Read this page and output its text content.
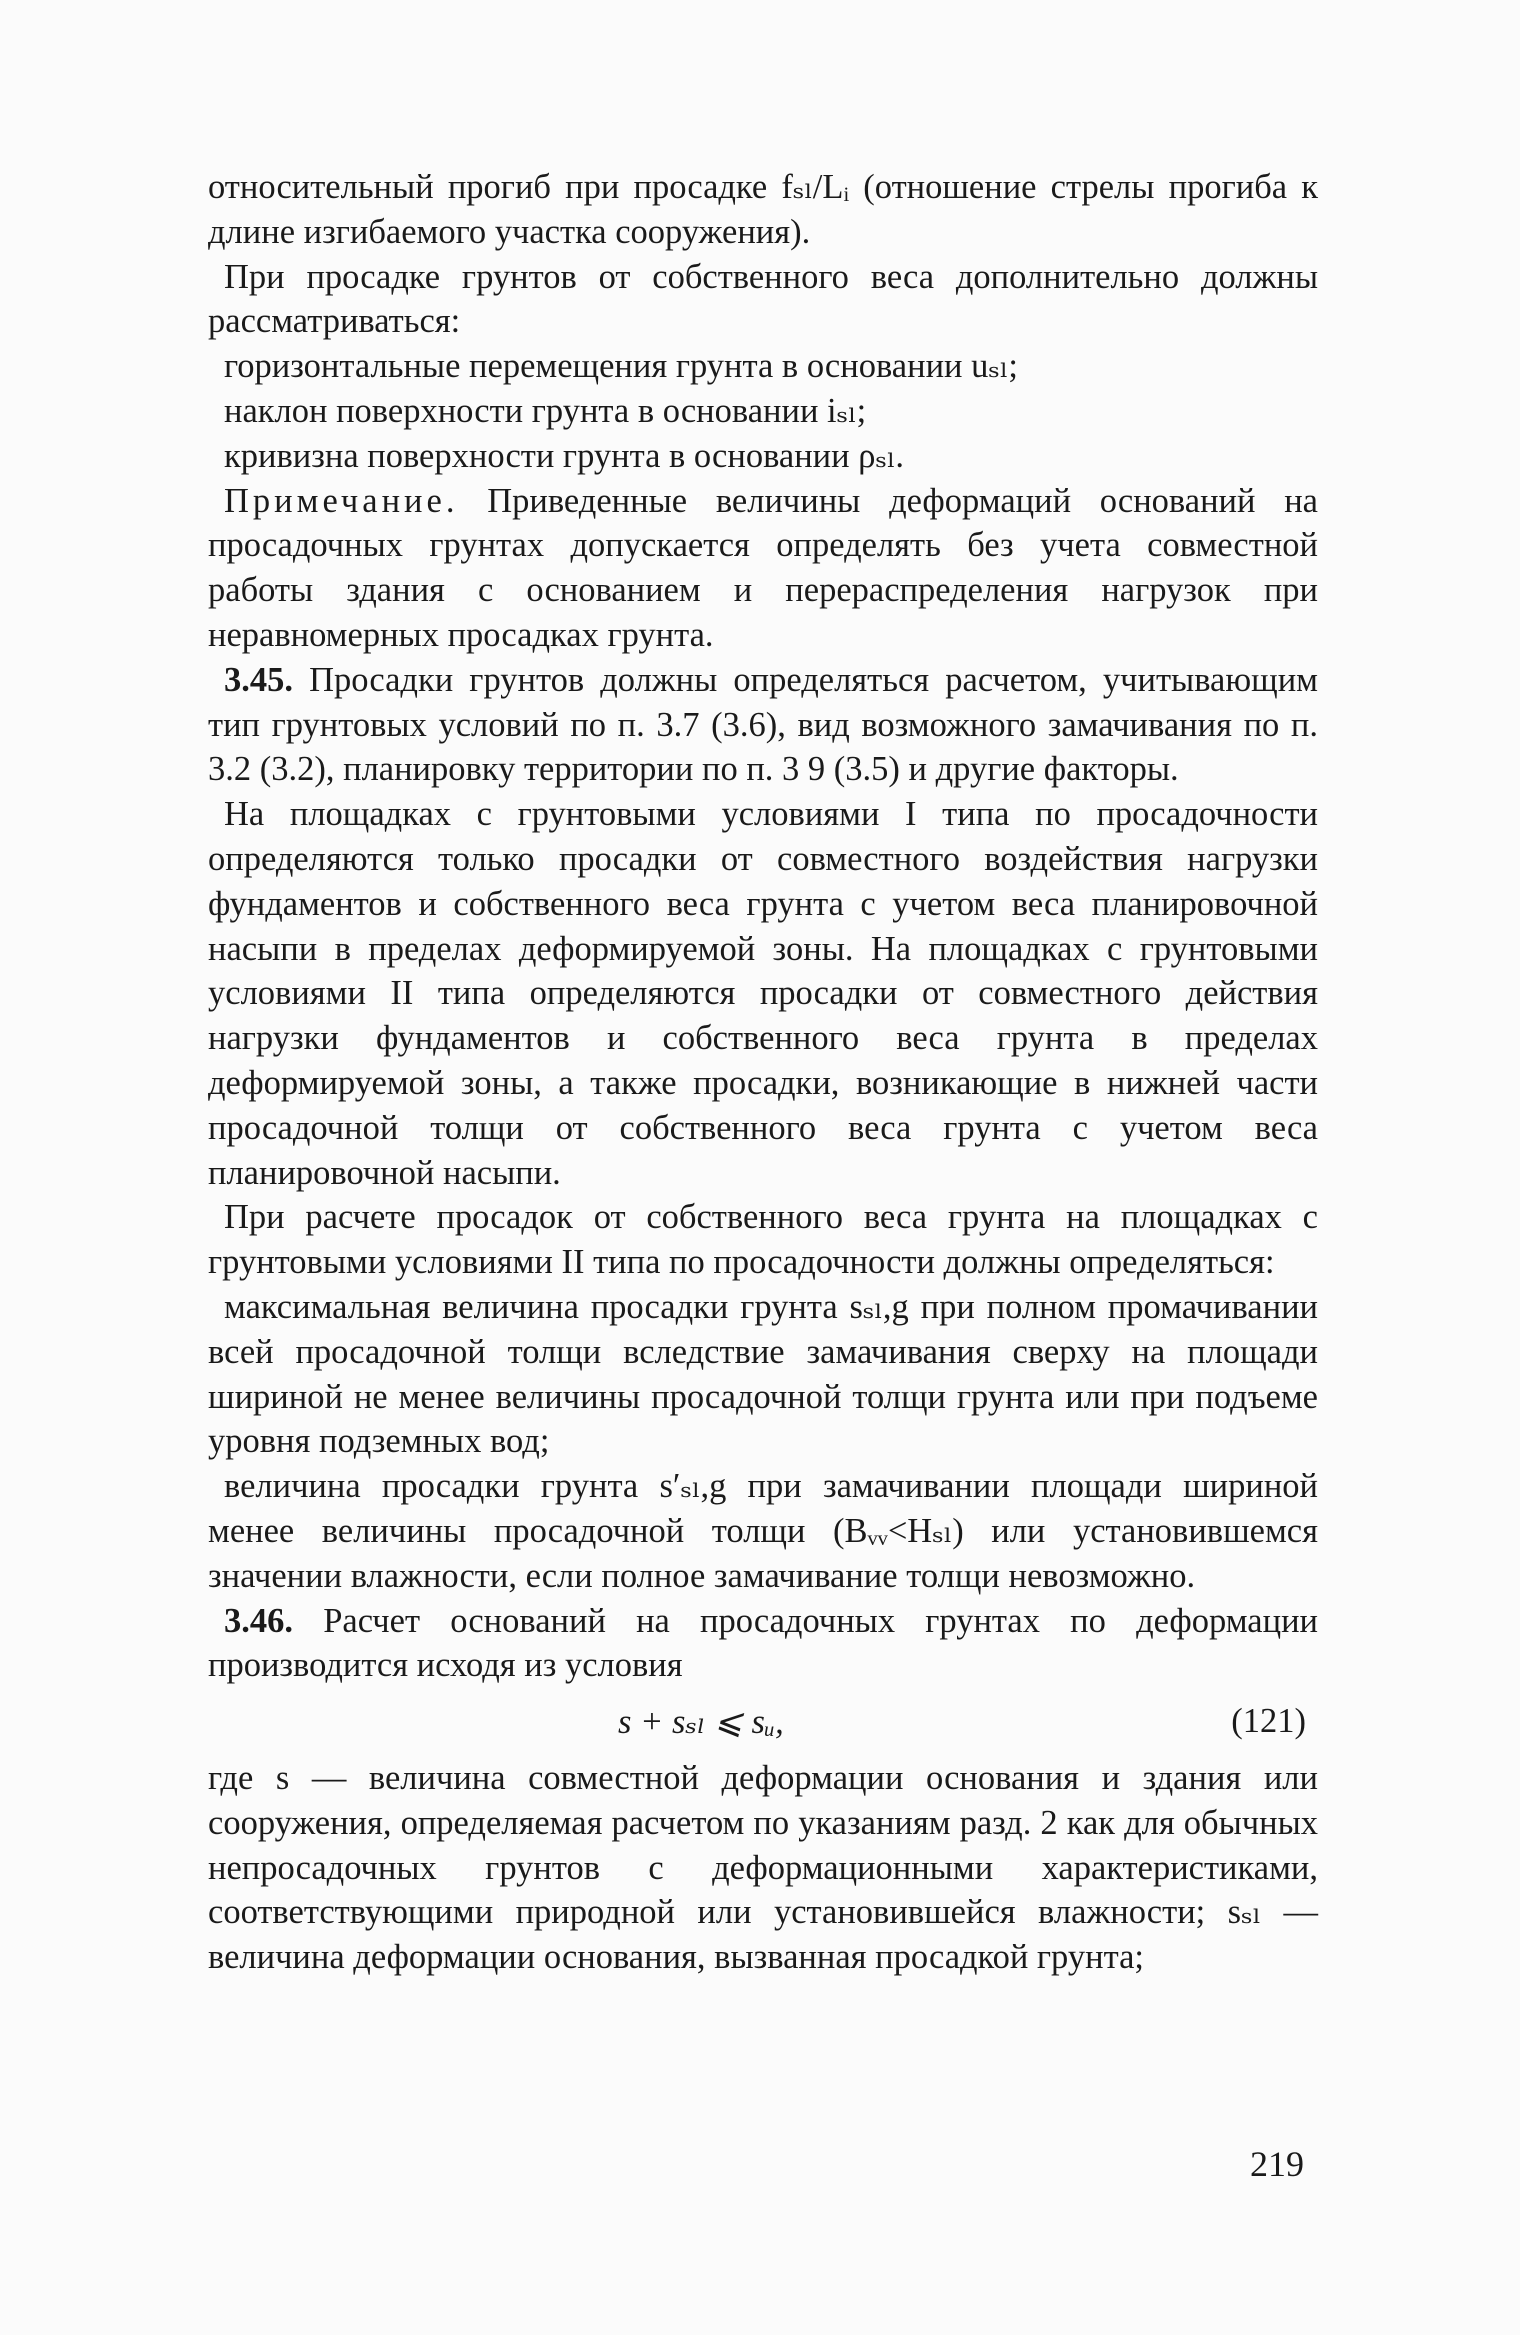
относительный прогиб при просадке fₛₗ/Lᵢ (отношение стрелы прогиба к длине изгибаемого участка сооружения).

При просадке грунтов от собственного веса дополнительно должны рассматриваться:

горизонтальные перемещения грунта в основании uₛₗ;

наклон поверхности грунта в основании iₛₗ;

кривизна поверхности грунта в основании ρₛₗ.

Примечание. Приведенные величины деформаций оснований на просадочных грунтах допускается определять без учета совместной работы здания с основанием и перераспределения нагрузок при неравномерных просадках грунта.

3.45. Просадки грунтов должны определяться расчетом, учитывающим тип грунтовых условий по п. 3.7 (3.6), вид возможного замачивания по п. 3.2 (3.2), планировку территории по п. 3 9 (3.5) и другие факторы.

На площадках с грунтовыми условиями I типа по просадочности определяются только просадки от совместного воздействия нагрузки фундаментов и собственного веса грунта с учетом веса планировочной насыпи в пределах деформируемой зоны. На площадках с грунтовыми условиями II типа определяются просадки от совместного действия нагрузки фундаментов и собственного веса грунта в пределах деформируемой зоны, а также просадки, возникающие в нижней части просадочной толщи от собственного веса грунта с учетом веса планировочной насыпи.

При расчете просадок от собственного веса грунта на площадках с грунтовыми условиями II типа по просадочности должны определяться:

максимальная величина просадки грунта sₛₗ,g при полном промачивании всей просадочной толщи вследствие замачивания сверху на площади шириной не менее величины просадочной толщи грунта или при подъеме уровня подземных вод;

величина просадки грунта s′ₛₗ,g при замачивании площади шириной менее величины просадочной толщи (Bᵥᵥ<Hₛₗ) или установившемся значении влажности, если полное замачивание толщи невозможно.

3.46. Расчет оснований на просадочных грунтах по деформации производится исходя из условия

s + sₛₗ ⩽ sᵤ,	(121)

где s — величина совместной деформации основания и здания или сооружения, определяемая расчетом по указаниям разд. 2 как для обычных непросадочных грунтов с деформационными характеристиками, соответствующими природной или установившейся влажности; sₛₗ — величина деформации основания, вызванная просадкой грунта;

219
